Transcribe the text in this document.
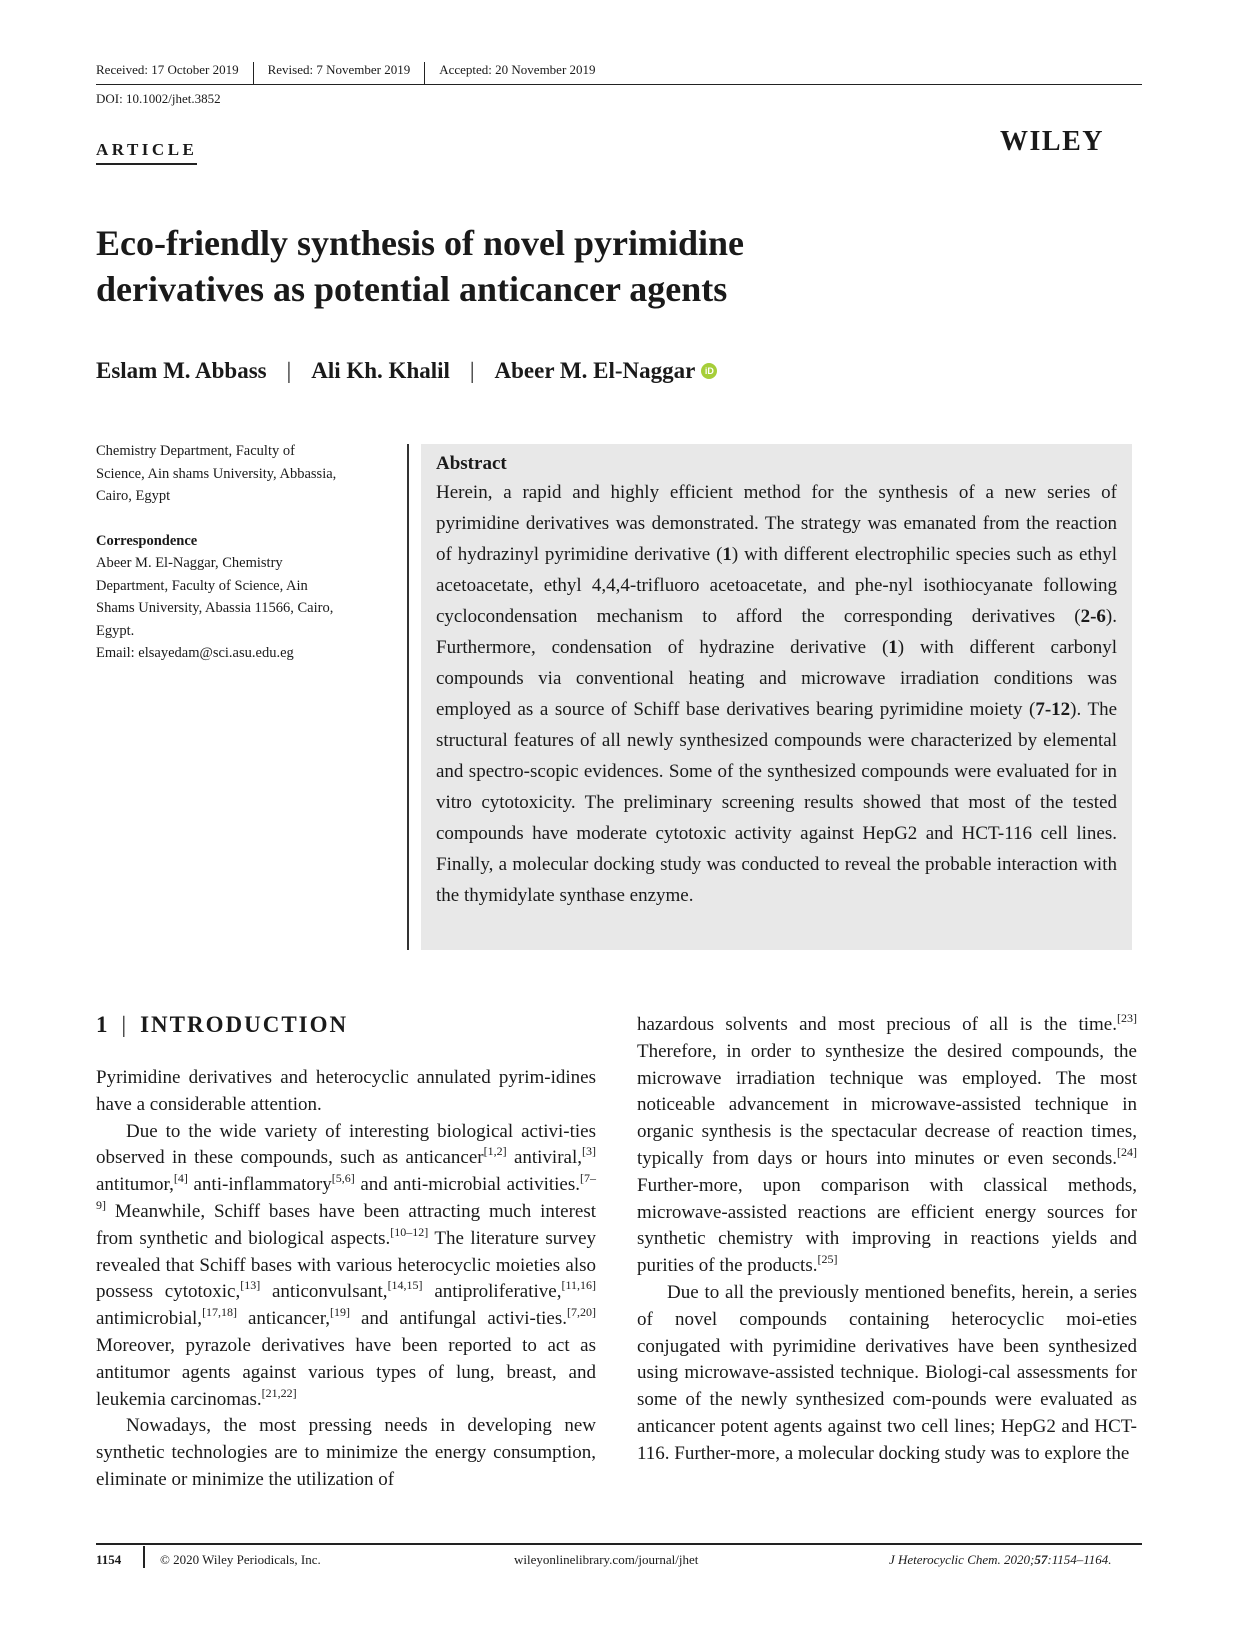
Received: 17 October 2019	Revised: 7 November 2019	Accepted: 20 November 2019
DOI: 10.1002/jhet.3852
ARTICLE	WILEY
Eco-friendly synthesis of novel pyrimidine
derivatives as potential anticancer agents
Eslam M. Abbass | Ali Kh. Khalil | Abeer M. El-Naggar	iD

Chemistry Department, Faculty of

Science, Ain shams University, Abbassia,

Cairo, Egypt

Correspondence

Abeer M. El-Naggar, Chemistry

Department, Faculty of Science, Ain

Shams University, Abassia 11566, Cairo,

Egypt.

Email: elsayedam@sci.asu.edu.eg

Abstract

Herein, a rapid and highly efficient method for the synthesis of a new series of pyrimidine derivatives was demonstrated. The strategy was emanated from the reaction of hydrazinyl pyrimidine derivative (1) with different electrophilic species such as ethyl acetoacetate, ethyl 4,4,4-trifluoro acetoacetate, and phe-nyl isothiocyanate following cyclocondensation mechanism to afford the corresponding derivatives (2-6). Furthermore, condensation of hydrazine derivative (1) with different carbonyl compounds via conventional heating and microwave irradiation conditions was employed as a source of Schiff base derivatives bearing pyrimidine moiety (7-12). The structural features of all newly synthesized compounds were characterized by elemental and spectro-scopic evidences. Some of the synthesized compounds were evaluated for in vitro cytotoxicity. The preliminary screening results showed that most of the tested compounds have moderate cytotoxic activity against HepG2 and HCT-116 cell lines. Finally, a molecular docking study was conducted to reveal the probable interaction with the thymidylate synthase enzyme.

1 | INTRODUCTION

Pyrimidine derivatives and heterocyclic annulated pyrim-idines have a considerable attention.

Due to the wide variety of interesting biological activi-ties observed in these compounds, such as anticancer[1,2] antiviral,[3] antitumor,[4] anti-inflammatory[5,6] and anti-microbial activities.[7–9] Meanwhile, Schiff bases have been attracting much interest from synthetic and biological aspects.[10–12] The literature survey revealed that Schiff bases with various heterocyclic moieties also possess cytotoxic,[13] anticonvulsant,[14,15] antiproliferative,[11,16] antimicrobial,[17,18] anticancer,[19] and antifungal activi-ties.[7,20] Moreover, pyrazole derivatives have been reported to act as antitumor agents against various types of lung, breast, and leukemia carcinomas.[21,22]

Nowadays, the most pressing needs in developing new synthetic technologies are to minimize the energy consumption, eliminate or minimize the utilization of

hazardous solvents and most precious of all is the time.[23] Therefore, in order to synthesize the desired compounds, the microwave irradiation technique was employed. The most noticeable advancement in microwave-assisted technique in organic synthesis is the spectacular decrease of reaction times, typically from days or hours into minutes or even seconds.[24] Further-more, upon comparison with classical methods, microwave-assisted reactions are efficient energy sources for synthetic chemistry with improving in reactions yields and purities of the products.[25]

Due to all the previously mentioned benefits, herein, a series of novel compounds containing heterocyclic moi-eties conjugated with pyrimidine derivatives have been synthesized using microwave-assisted technique. Biologi-cal assessments for some of the newly synthesized com-pounds were evaluated as anticancer potent agents against two cell lines; HepG2 and HCT-116. Further-more, a molecular docking study was to explore the

1154	© 2020 Wiley Periodicals, Inc.	wileyonlinelibrary.com/journal/jhet	J Heterocyclic Chem. 2020;57:1154–1164.
